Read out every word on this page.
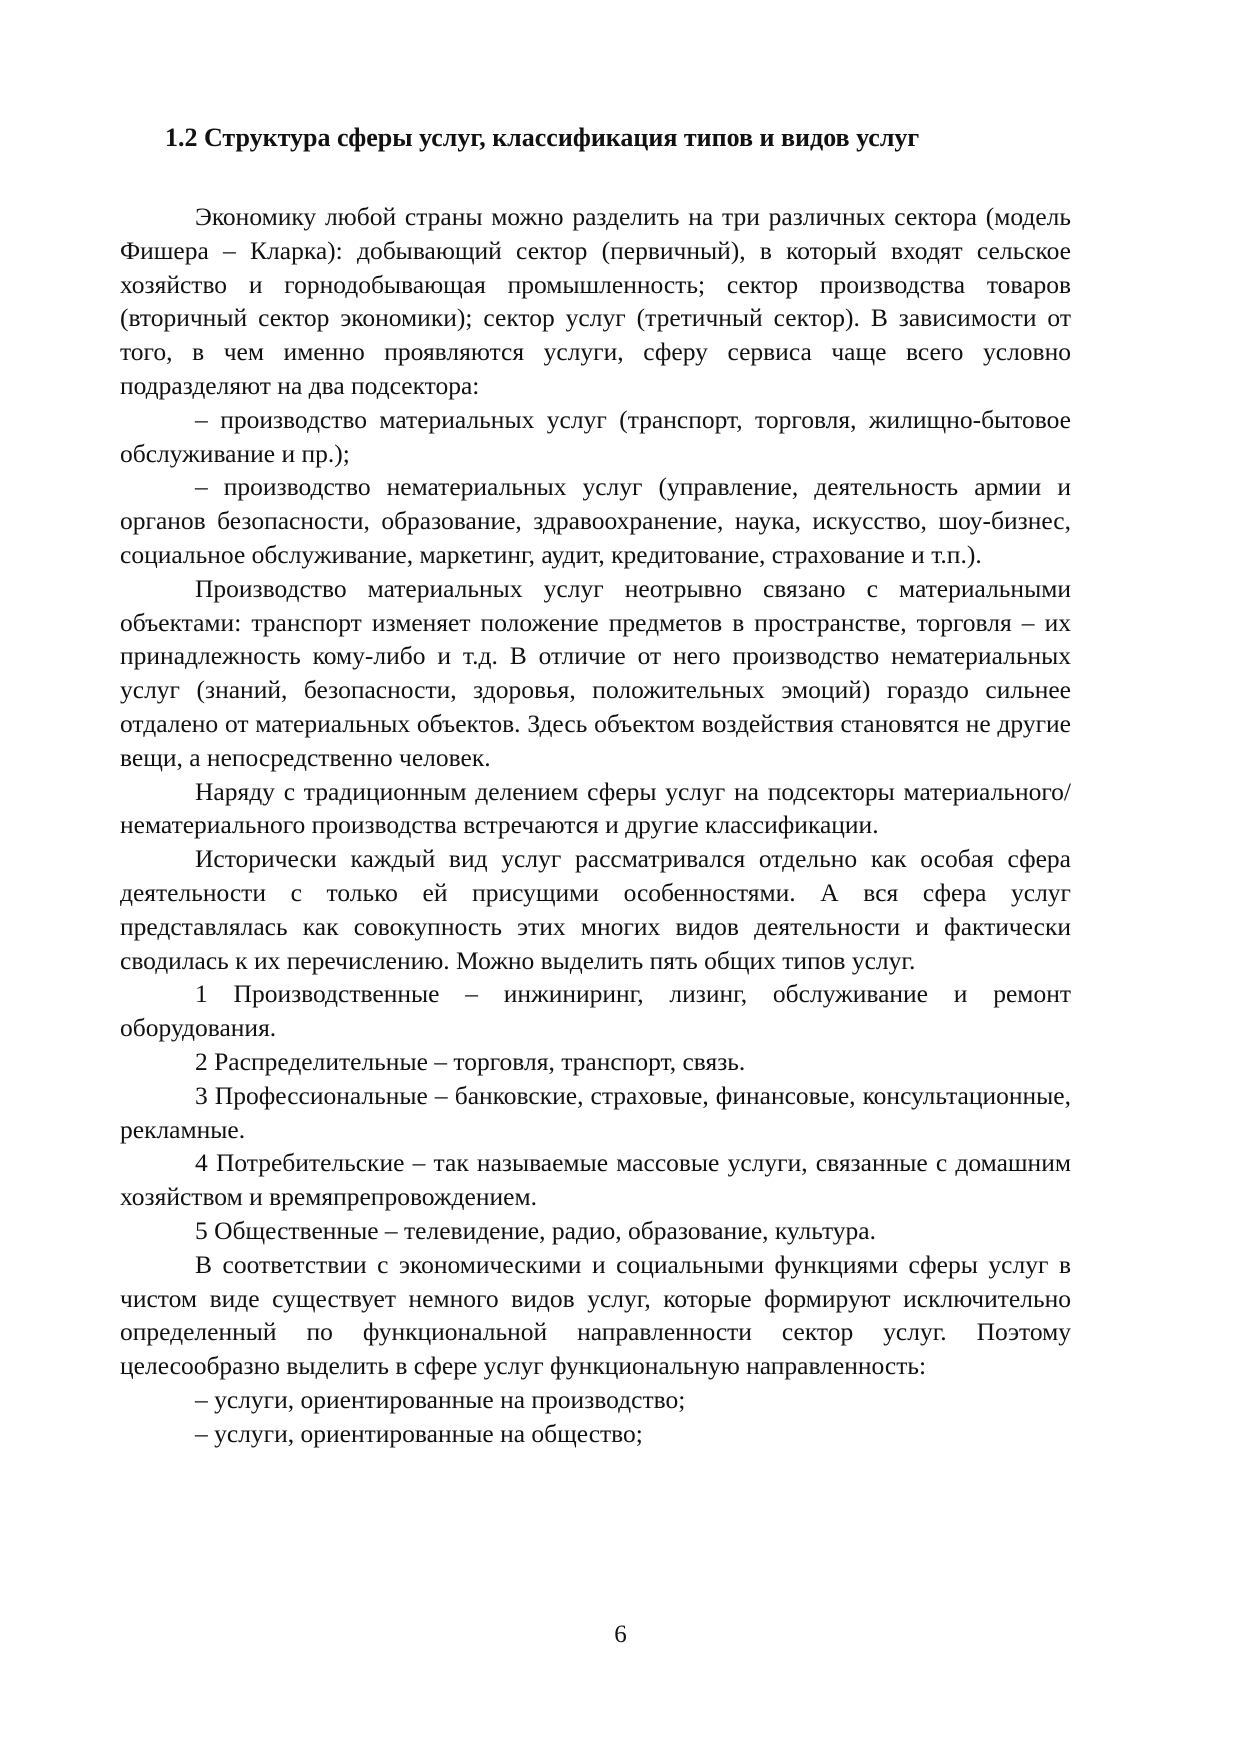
1.2 Структура сферы услуг, классификация типов и видов услуг

Экономику любой страны можно разделить на три различных сектора (модель Фишера – Кларка): добывающий сектор (первичный), в который входят сельское хозяйство и горнодобывающая промышленность; сектор производства товаров (вторичный сектор экономики); сектор услуг (третичный сектор). В зависимости от того, в чем именно проявляются услуги, сферу сервиса чаще всего условно подразделяют на два подсектора:

– производство материальных услуг (транспорт, торговля, жилищно-бытовое обслуживание и пр.);

– производство нематериальных услуг (управление, деятельность армии и органов безопасности, образование, здравоохранение, наука, искусство, шоу-бизнес, социальное обслуживание, маркетинг, аудит, кредитование, страхование и т.п.).

Производство материальных услуг неотрывно связано с материальными объектами: транспорт изменяет положение предметов в пространстве, торговля – их принадлежность кому-либо и т.д. В отличие от него производство нематериальных услуг (знаний, безопасности, здоровья, положительных эмоций) гораздо сильнее отдалено от материальных объектов. Здесь объектом воздействия становятся не другие вещи, а непосредственно человек.

Наряду с традиционным делением сферы услуг на подсекторы материального/нематериального производства встречаются и другие классификации.

Исторически каждый вид услуг рассматривался отдельно как особая сфера деятельности с только ей присущими особенностями. А вся сфера услуг представлялась как совокупность этих многих видов деятельности и фактически сводилась к их перечислению. Можно выделить пять общих типов услуг.

1 Производственные – инжиниринг, лизинг, обслуживание и ремонт оборудования.

2 Распределительные – торговля, транспорт, связь.

3 Профессиональные – банковские, страховые, финансовые, консультационные, рекламные.

4 Потребительские – так называемые массовые услуги, связанные с домашним хозяйством и времяпрепровождением.

5 Общественные – телевидение, радио, образование, культура.

В соответствии с экономическими и социальными функциями сферы услуг в чистом виде существует немного видов услуг, которые формируют исключительно определенный по функциональной направленности сектор услуг. Поэтому целесообразно выделить в сфере услуг функциональную направленность:

– услуги, ориентированные на производство;

– услуги, ориентированные на общество;

6
